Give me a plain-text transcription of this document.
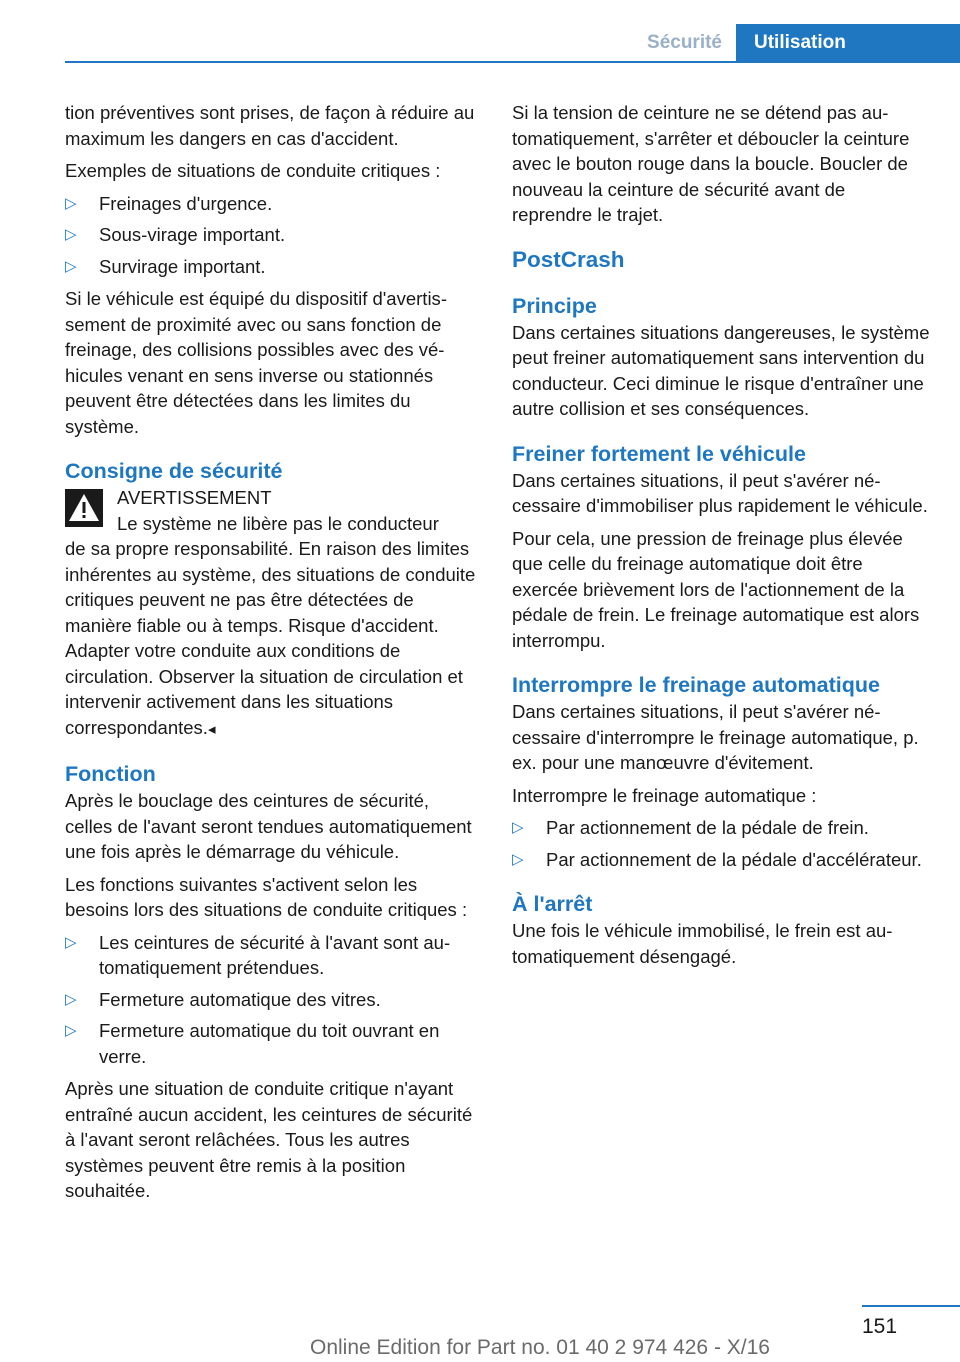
Sécurité	Utilisation

tion préventives sont prises, de façon à réduire au maximum les dangers en cas d'accident.

Exemples de situations de conduite critiques :

▷ Freinages d'urgence.
▷ Sous-virage important.
▷ Survirage important.

Si le véhicule est équipé du dispositif d'avertissement de proximité avec ou sans fonction de freinage, des collisions possibles avec des véhicules venant en sens inverse ou stationnés peuvent être détectées dans les limites du système.

Consigne de sécurité
AVERTISSEMENT
Le système ne libère pas le conducteur

de sa propre responsabilité. En raison des limites inhérentes au système, des situations de conduite critiques peuvent ne pas être détectées de manière fiable ou à temps. Risque d'accident. Adapter votre conduite aux conditions de circulation. Observer la situation de circulation et intervenir activement dans les situations correspondantes.◂

Fonction

Après le bouclage des ceintures de sécurité, celles de l'avant seront tendues automatiquement une fois après le démarrage du véhicule.

Les fonctions suivantes s'activent selon les besoins lors des situations de conduite critiques :

▷ Les ceintures de sécurité à l'avant sont automatiquement prétendues.
▷ Fermeture automatique des vitres.
▷ Fermeture automatique du toit ouvrant en verre.

Après une situation de conduite critique n'ayant entraîné aucun accident, les ceintures de sécurité à l'avant seront relâchées. Tous les autres systèmes peuvent être remis à la position souhaitée.

Si la tension de ceinture ne se détend pas automatiquement, s'arrêter et déboucler la ceinture avec le bouton rouge dans la boucle. Boucler de nouveau la ceinture de sécurité avant de reprendre le trajet.

PostCrash
Principe

Dans certaines situations dangereuses, le système peut freiner automatiquement sans intervention du conducteur. Ceci diminue le risque d'entraîner une autre collision et ses conséquences.

Freiner fortement le véhicule

Dans certaines situations, il peut s'avérer nécessaire d'immobiliser plus rapidement le véhicule.

Pour cela, une pression de freinage plus élevée que celle du freinage automatique doit être exercée brièvement lors de l'actionnement de la pédale de frein. Le freinage automatique est alors interrompu.

Interrompre le freinage automatique

Dans certaines situations, il peut s'avérer nécessaire d'interrompre le freinage automatique, p. ex. pour une manœuvre d'évitement.

Interrompre le freinage automatique :

▷ Par actionnement de la pédale de frein.
▷ Par actionnement de la pédale d'accélérateur.
À l'arrêt

Une fois le véhicule immobilisé, le frein est automatiquement désengagé.

151
Online Edition for Part no. 01 40 2 974 426 - X/16
